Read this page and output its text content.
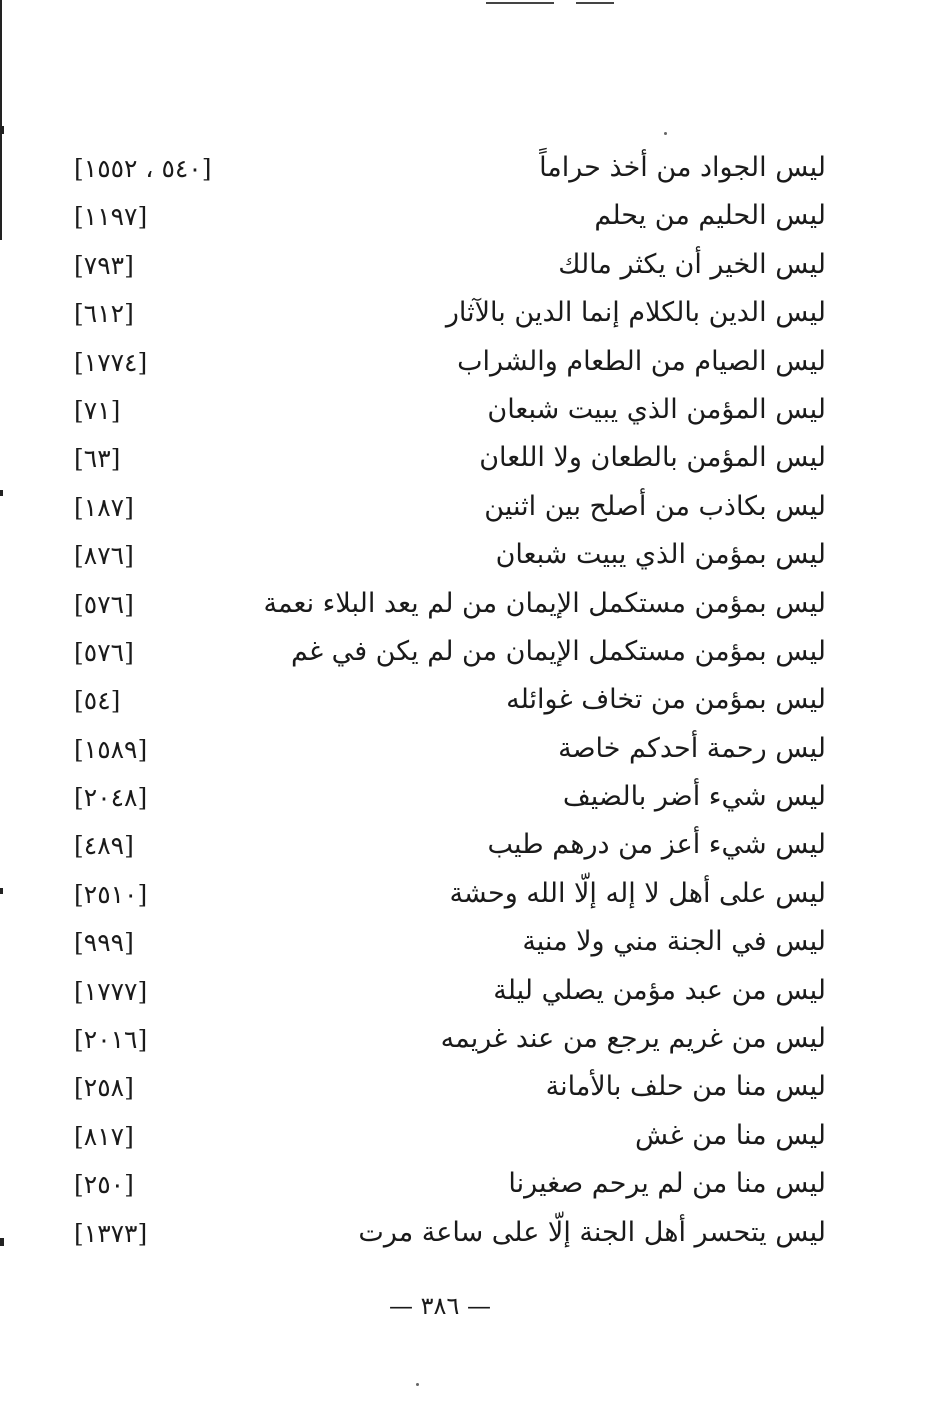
ليس الجواد من أخذ حراماً
[٥٤٠ ، ١٥٥٢]
ليس الحليم من يحلم
[١١٩٧]
ليس الخير أن يكثر مالك
[٧٩٣]
ليس الدين بالكلام إنما الدين بالآثار
[٦١٢]
ليس الصيام من الطعام والشراب
[١٧٧٤]
ليس المؤمن الذي يبيت شبعان
[٧١]
ليس المؤمن بالطعان ولا اللعان
[٦٣]
ليس بكاذب من أصلح بين اثنين
[١٨٧]
ليس بمؤمن الذي يبيت شبعان
[٨٧٦]
ليس بمؤمن مستكمل الإيمان من لم يعد البلاء نعمة
[٥٧٦]
ليس بمؤمن مستكمل الإيمان من لم يكن في غم
[٥٧٦]
ليس بمؤمن من تخاف غوائله
[٥٤]
ليس رحمة أحدكم خاصة
[١٥٨٩]
ليس شيء أضر بالضيف
[٢٠٤٨]
ليس شيء أعز من درهم طيب
[٤٨٩]
ليس على أهل لا إله إلّا الله وحشة
[٢٥١٠]
ليس في الجنة مني ولا منية
[٩٩٩]
ليس من عبد مؤمن يصلي ليلة
[١٧٧٧]
ليس من غريم يرجع من عند غريمه
[٢٠١٦]
ليس منا من حلف بالأمانة
[٢٥٨]
ليس منا من غش
[٨١٧]
ليس منا من لم يرحم صغيرنا
[٢٥٠]
ليس يتحسر أهل الجنة إلّا على ساعة مرت
[١٣٧٣]
— ٣٨٦ —
